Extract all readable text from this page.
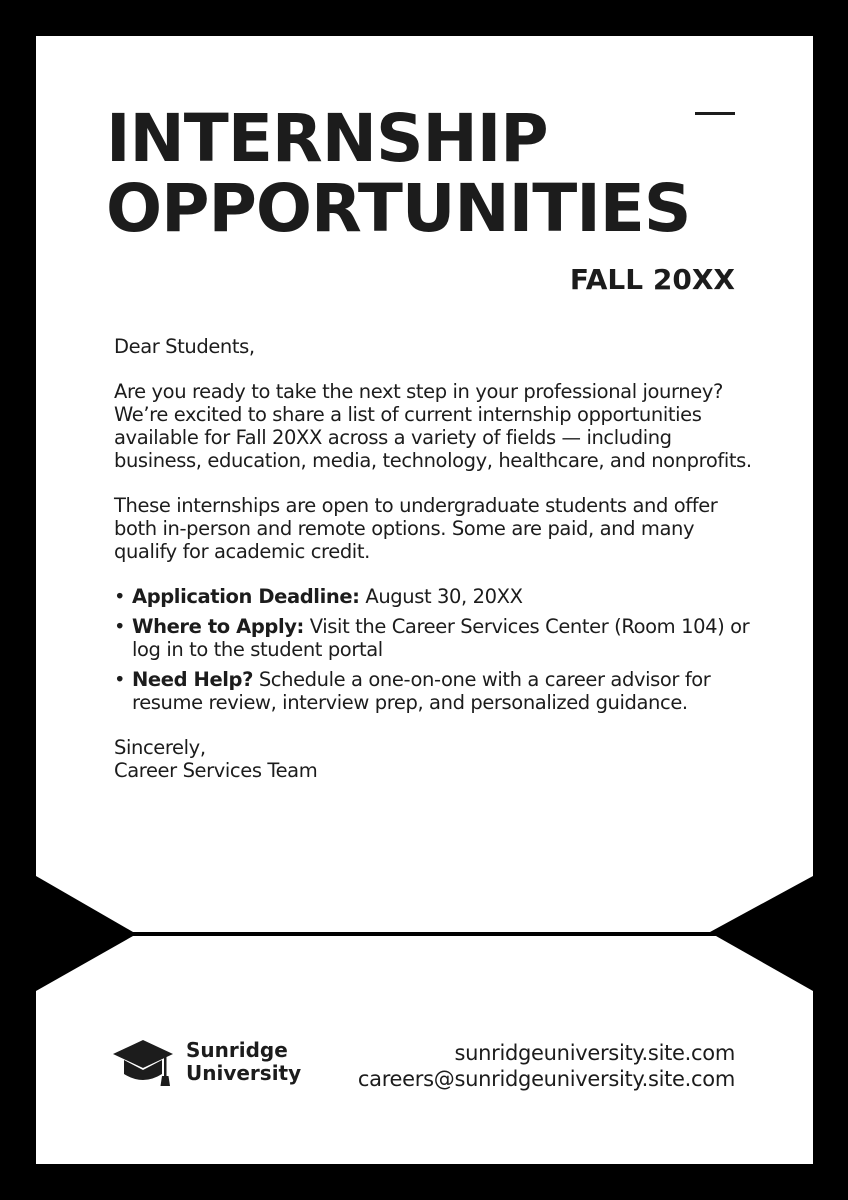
INTERNSHIP
OPPORTUNITIES
FALL 20XX

Dear Students,

Are you ready to take the next step in your professional journey? We’re excited to share a list of current internship opportunities available for Fall 20XX across a variety of fields — including business, education, media, technology, healthcare, and nonprofits.

These internships are open to undergraduate students and offer both in-person and remote options. Some are paid, and many qualify for academic credit.

• Application Deadline: August 30, 20XX
• Where to Apply: Visit the Career Services Center (Room 104) or log in to the student portal
• Need Help? Schedule a one-on-one with a career advisor for resume review, interview prep, and personalized guidance.
Sincerely,
Career Services Team
Sunridge
University
sunridgeuniversity.site.com
careers@sunridgeuniversity.site.com
